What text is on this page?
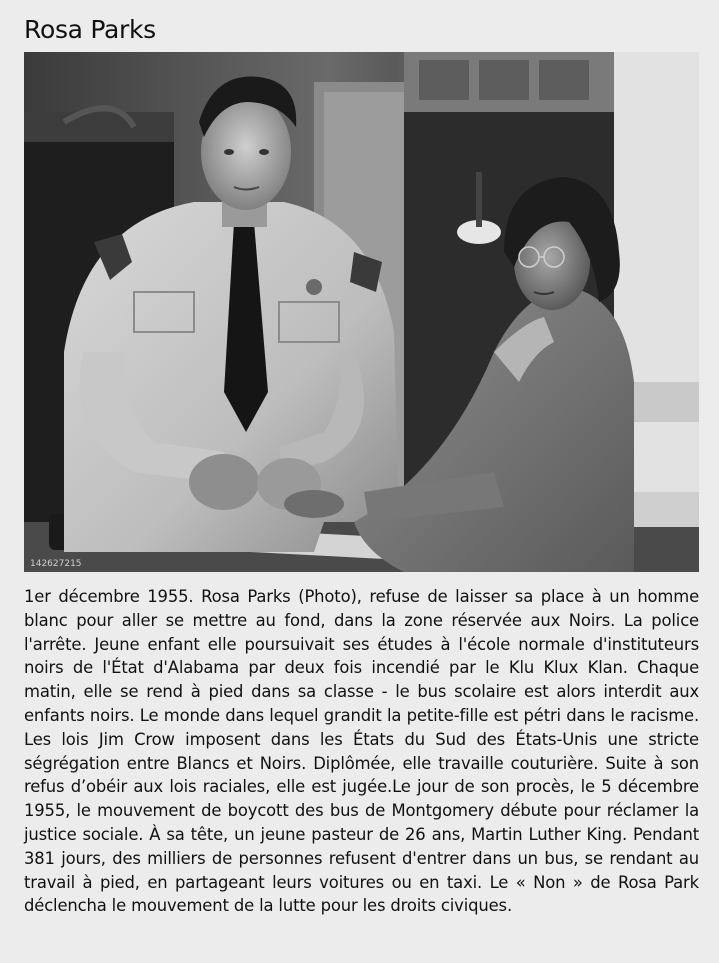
Rosa Parks
142627215
1er décembre 1955. Rosa Parks (Photo), refuse de laisser sa place à un homme blanc pour aller se mettre au fond, dans la zone réservée aux Noirs. La police l'arrête. Jeune enfant elle poursuivait ses études à l'école normale d'instituteurs noirs de l'État d'Alabama par deux fois incendié par le Klu Klux Klan. Chaque matin, elle se rend à pied dans sa classe - le bus scolaire est alors interdit aux enfants noirs. Le monde dans lequel grandit la petite-fille est pétri dans le racisme. Les lois Jim Crow imposent dans les États du Sud des États-Unis une stricte ségrégation entre Blancs et Noirs. Diplômée, elle travaille couturière. Suite à son refus d’obéir aux lois raciales, elle est jugée.Le jour de son procès, le 5 décembre 1955, le mouvement de boycott des bus de Montgomery débute pour réclamer la justice sociale. À sa tête, un jeune pasteur de 26 ans, Martin Luther King. Pendant 381 jours, des milliers de personnes refusent d'entrer dans un bus, se rendant au travail à pied, en partageant leurs voitures ou en taxi. Le « Non » de Rosa Park déclencha le mouvement de la lutte pour les droits civiques.
